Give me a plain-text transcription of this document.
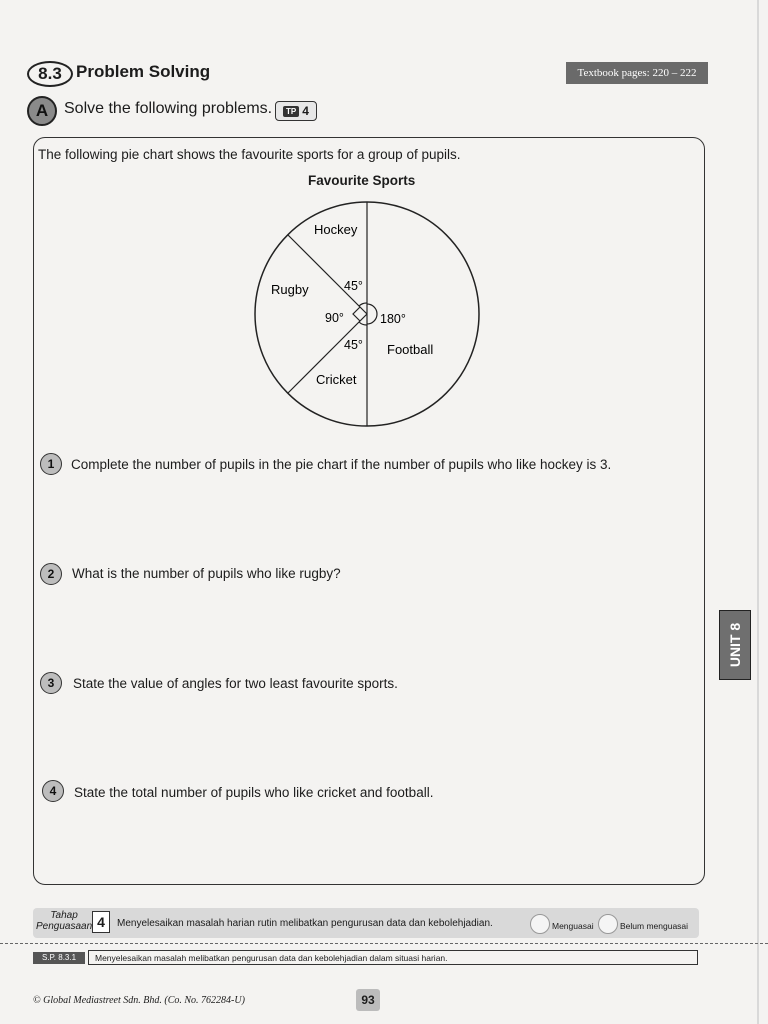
8.3 Problem Solving	Textbook pages: 220 – 222
A Solve the following problems.	TP 4
The following pie chart shows the favourite sports for a group of pupils.
Favourite Sports
Hockey
Rugby
Cricket
Football
45°
90°
45°
180°
1	Complete the number of pupils in the pie chart if the number of pupils who like hockey is 3.
2	What is the number of pupils who like rugby?
3	State the value of angles for two least favourite sports.
4	State the total number of pupils who like cricket and football.
Tahap
Penguasaan 4	Menyelesaikan masalah harian rutin melibatkan pengurusan data dan kebolehjadian.	Menguasai	Belum menguasai
S.P. 8.3.1	Menyelesaikan masalah melibatkan pengurusan data dan kebolehjadian dalam situasi harian.
© Global Mediastreet Sdn. Bhd. (Co. No. 762284-U)	93
UNIT 8
